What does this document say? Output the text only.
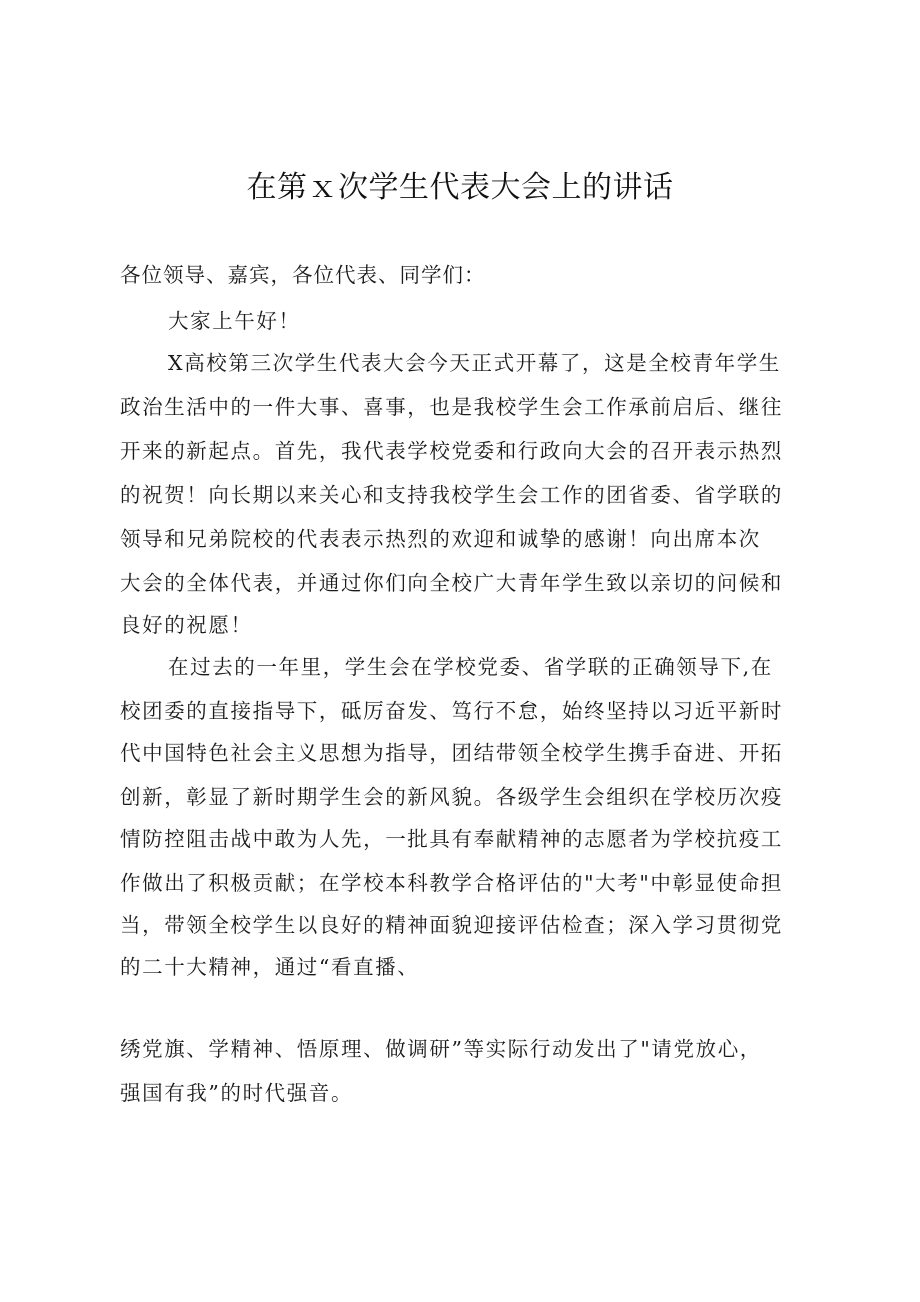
在第ｘ次学生代表大会上的讲话
各位领导、嘉宾，各位代表、同学们：
大家上午好！
X高校第三次学生代表大会今天正式开幕了，这是全校青年学生
政治生活中的一件大事、喜事，也是我校学生会工作承前启后、继往
开来的新起点。首先，我代表学校党委和行政向大会的召开表示热烈
的祝贺！向长期以来关心和支持我校学生会工作的团省委、省学联的
领导和兄弟院校的代表表示热烈的欢迎和诚挚的感谢！向出席本次
大会的全体代表，并通过你们向全校广大青年学生致以亲切的问候和
良好的祝愿！
在过去的一年里，学生会在学校党委、省学联的正确领导下,在
校团委的直接指导下，砥厉奋发、笃行不怠，始终坚持以习近平新时
代中国特色社会主义思想为指导，团结带领全校学生携手奋进、开拓
创新，彰显了新时期学生会的新风貌。各级学生会组织在学校历次疫
情防控阻击战中敢为人先，一批具有奉献精神的志愿者为学校抗疫工
作做出了积极贡献；在学校本科教学合格评估的"大考"中彰显使命担
当，带领全校学生以良好的精神面貌迎接评估检查；深入学习贯彻党
的二十大精神，通过“看直播、
绣党旗、学精神、悟原理、做调研”等实际行动发出了"请党放心，
强国有我”的时代强音。
